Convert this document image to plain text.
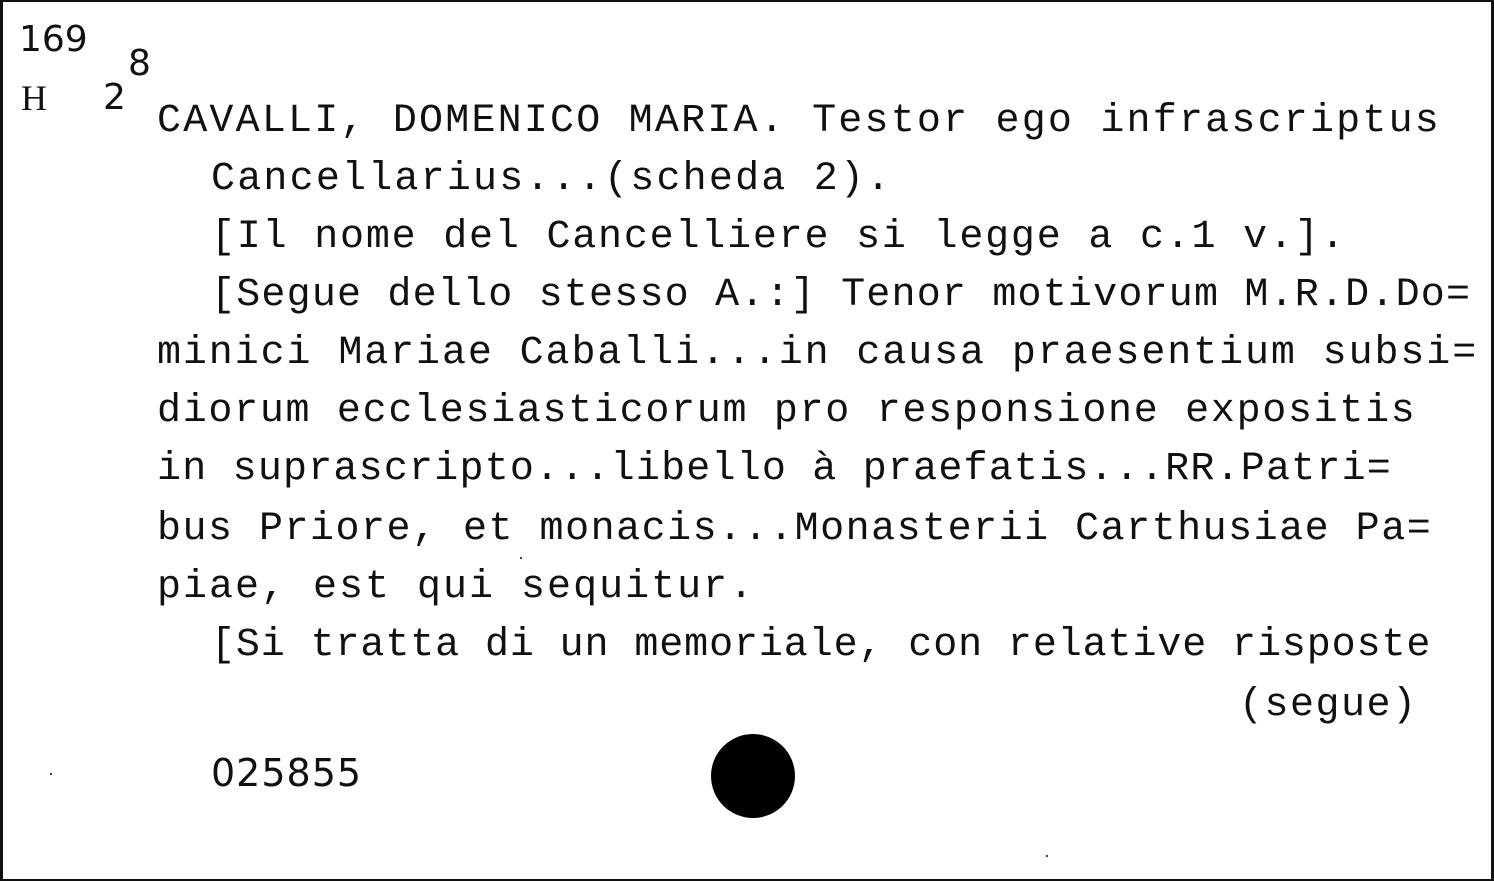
169
H 2
8
CAVALLI, DOMENICO MARIA. Testor ego infrascriptus
Cancellarius...(scheda 2).
[Il nome del Cancelliere si legge a c.1 v.].
[Segue dello stesso A.:] Tenor motivorum M.R.D.Do=
minici Mariae Caballi...in causa praesentium subsi=
diorum ecclesiasticorum pro responsione expositis
in suprascripto...libello à praefatis...RR.Patri=
bus Priore, et monacis...Monasterii Carthusiae Pa=
piae, est qui sequitur.
[Si tratta di un memoriale, con relative risposte
(segue)
025855
